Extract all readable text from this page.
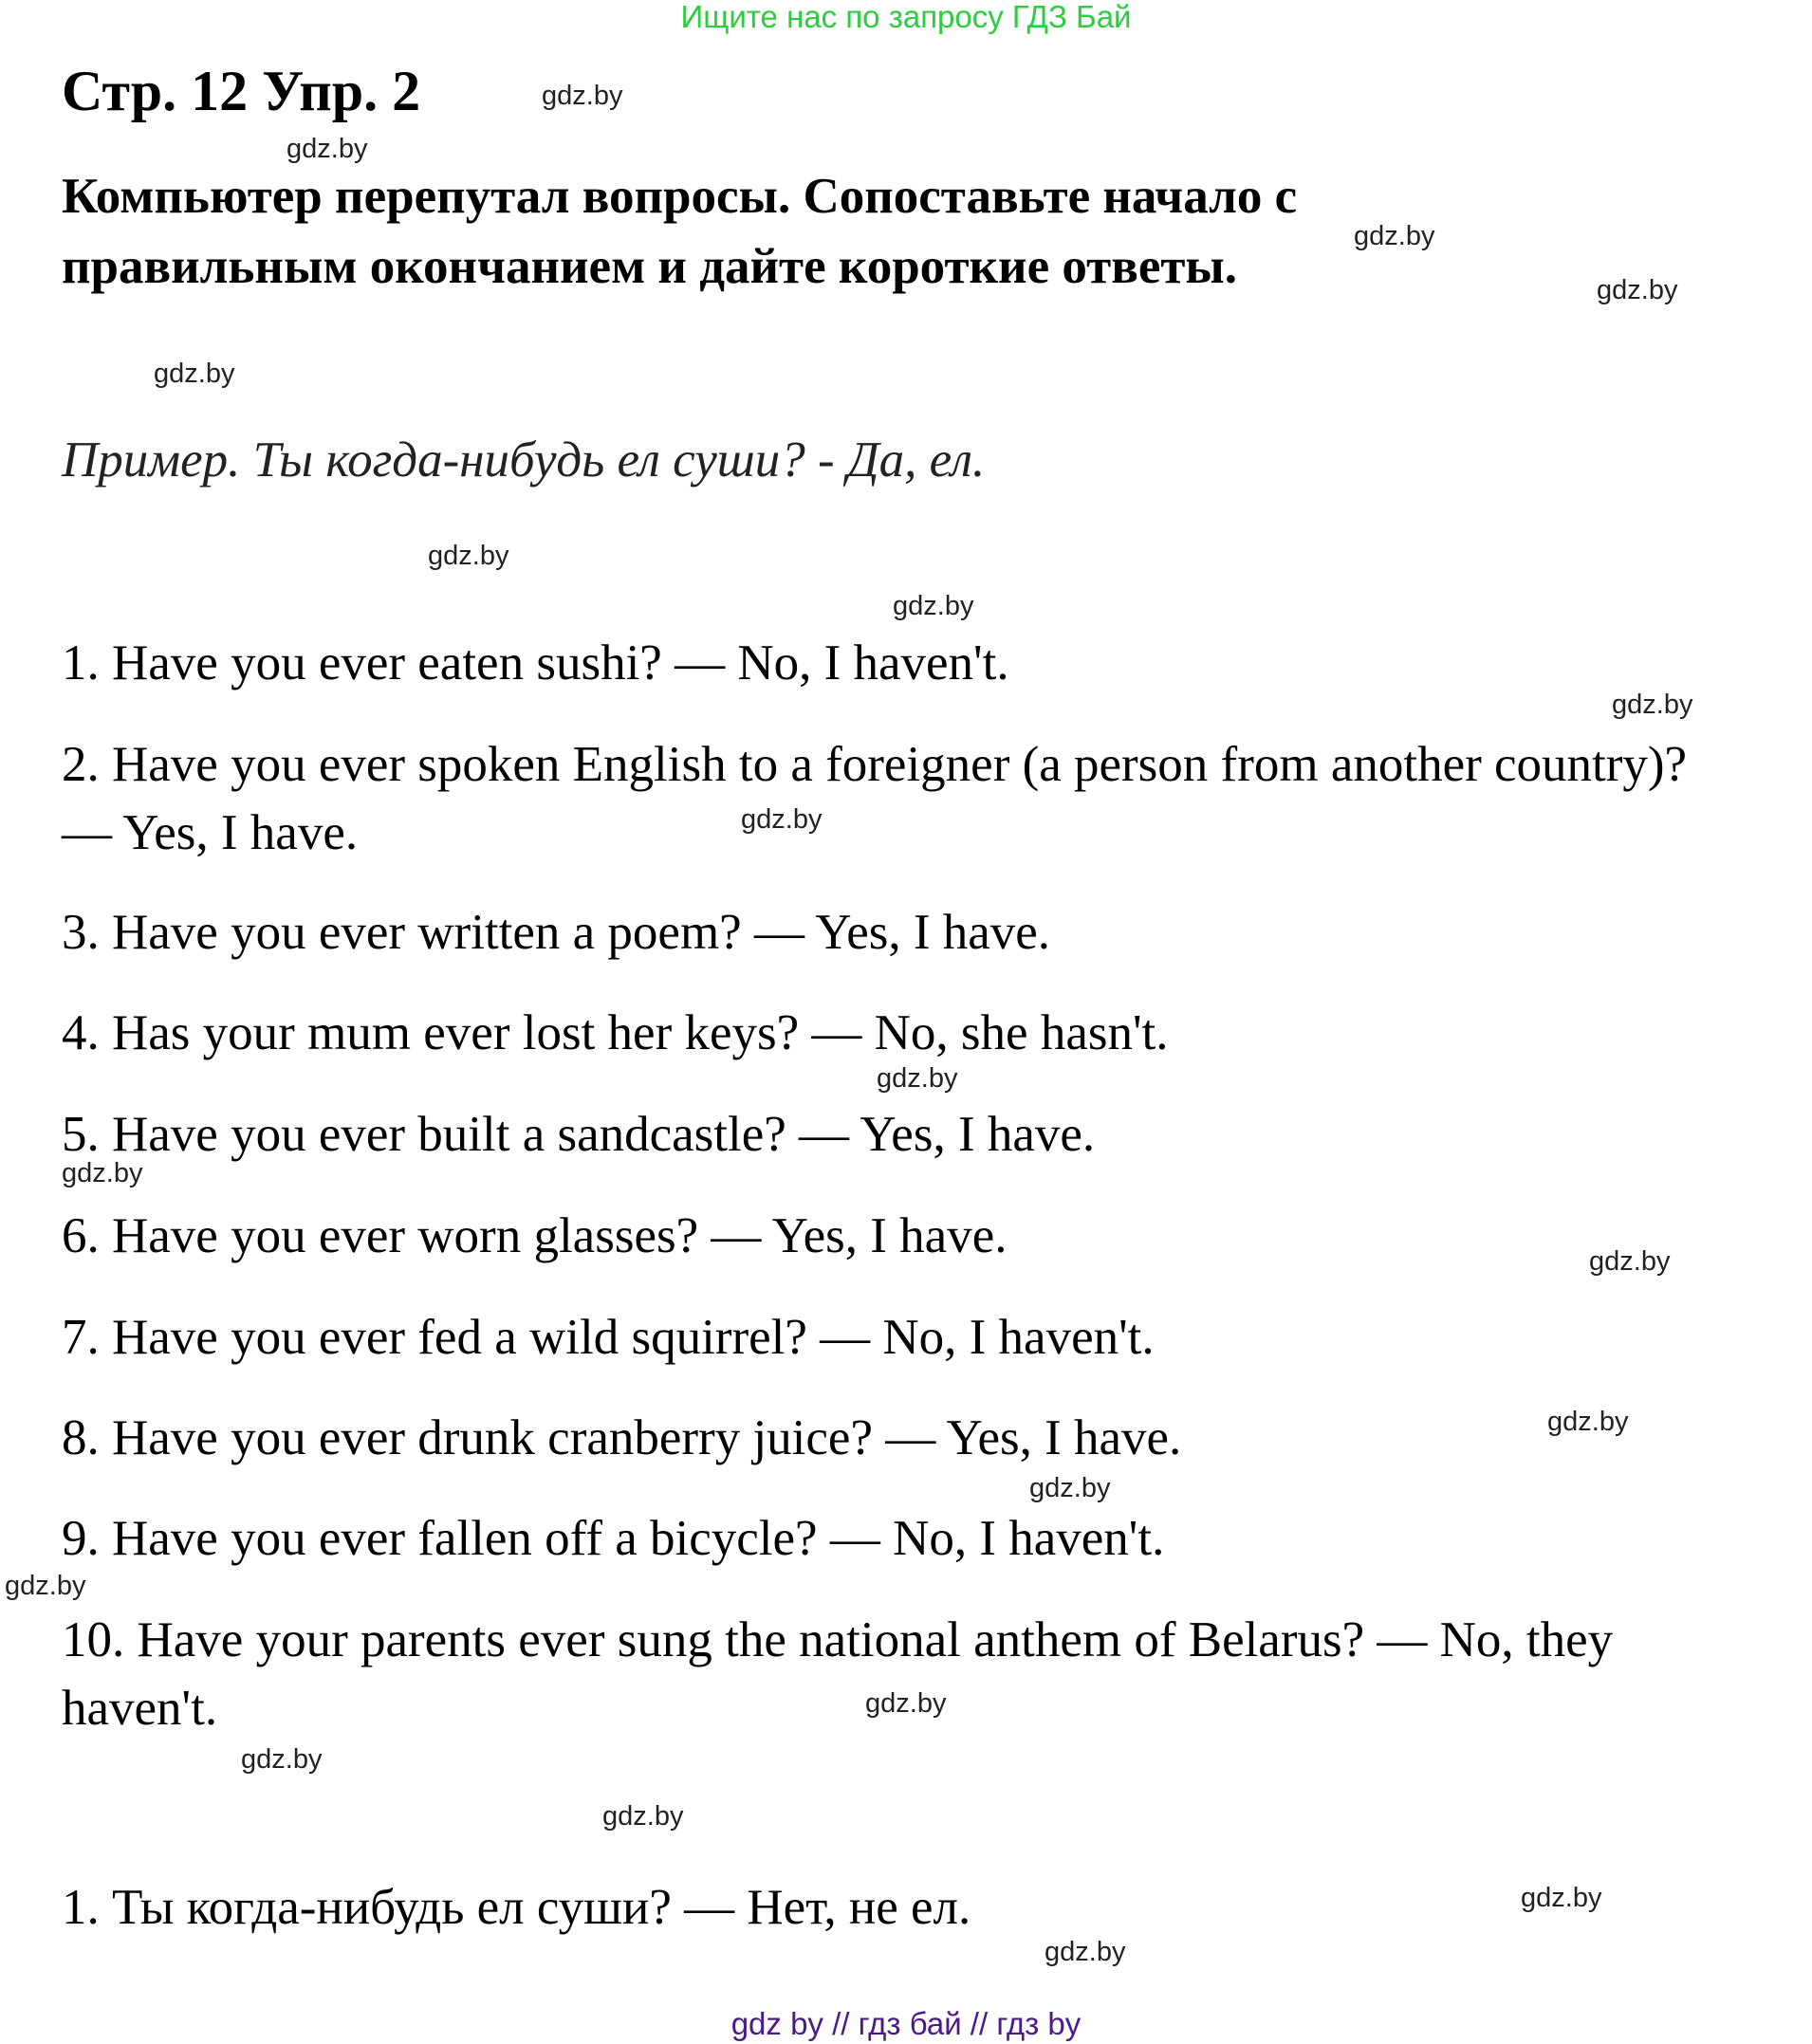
Ищите нас по запросу ГДЗ Бай
Стр. 12 Упр. 2
Компьютер перепутал вопросы. Сопоставьте начало с правильным окончанием и дайте короткие ответы.
Пример. Ты когда-нибудь ел суши? - Да, ел.
1. Have you ever eaten sushi? — No, I haven't.
2. Have you ever spoken English to a foreigner (a person from another country)? — Yes, I have.
3. Have you ever written a poem? — Yes, I have.
4. Has your mum ever lost her keys? — No, she hasn't.
5. Have you ever built a sandcastle? — Yes, I have.
6. Have you ever worn glasses? — Yes, I have.
7. Have you ever fed a wild squirrel? — No, I haven't.
8. Have you ever drunk cranberry juice? — Yes, I have.
9. Have you ever fallen off a bicycle? — No, I haven't.
10. Have your parents ever sung the national anthem of Belarus? — No, they haven't.
1. Ты когда-нибудь ел суши? — Нет, не ел.
gdz.by
gdz.by
gdz.by
gdz.by
gdz.by
gdz.by
gdz.by
gdz.by
gdz.by
gdz.by
gdz.by
gdz.by
gdz.by
gdz.by
gdz.by
gdz.by
gdz.by
gdz.by
gdz.by
gdz.by
gdz by // гдз бай // гдз by
